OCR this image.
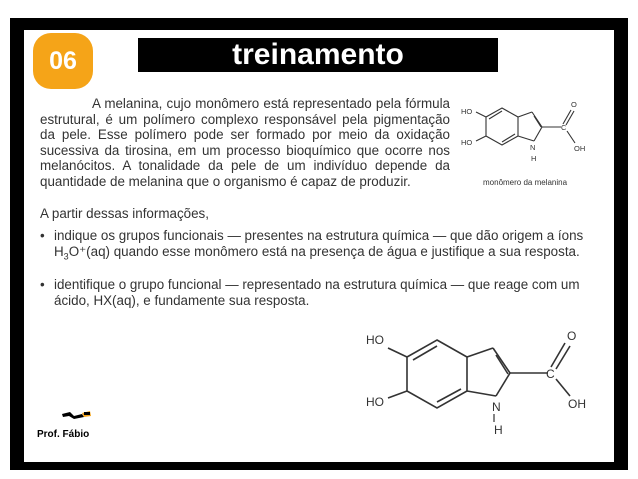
06	treinamento
A melanina, cujo monômero está representado pela fórmula estrutural, é um polímero complexo responsável pela pigmentação da pele. Esse polímero pode ser formado por meio da oxidação sucessiva da tirosina, em um processo bioquímico que ocorre nos melanócitos. A tonalidade da pele de um indivíduo depende da quantidade de melanina que o organismo é capaz de produzir.
A partir dessas informações,
• indique os grupos funcionais — presentes na estrutura química — que dão origem a íons
$H_3O^+(aq)$ quando esse monômero está na presença de água e justifique a sua resposta.
• identifique o grupo funcional — representado na estrutura química — que reage com um ácido, HX(aq), e fundamente sua resposta.
HO
HO
N
H
C
O
OH
monômero da melanina
HO
HO	N
H
C
O
OH
Prof. Fábio
